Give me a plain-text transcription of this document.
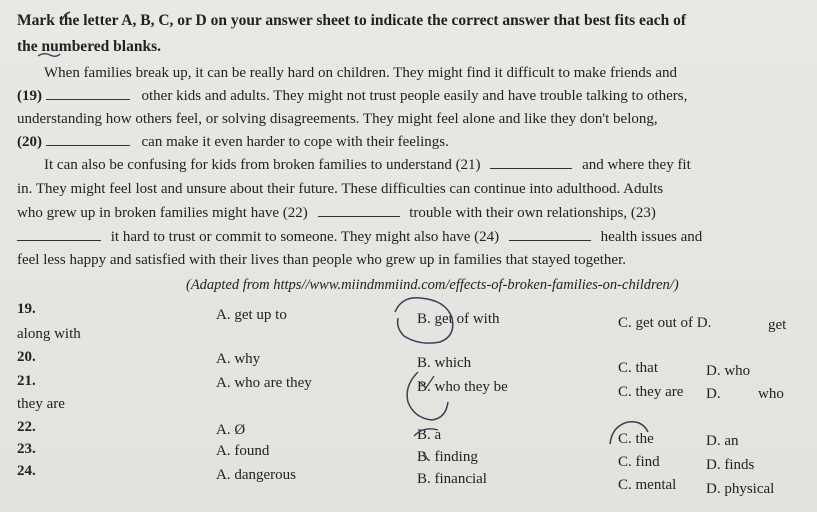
Mark the letter A, B, C, or D on your answer sheet to indicate the correct answer that best fits each of
the numbered blanks.
When families break up, it can be really hard on children. They might find it difficult to make friends and
(19)	other kids and adults. They might not trust people easily and have trouble talking to others,
understanding how others feel, or solving disagreements. They might feel alone and like they don't belong,
(20)	can make it even harder to cope with their feelings.
It can also be confusing for kids from broken families to understand (21)	and where they fit
in. They might feel lost and unsure about their future. These difficulties can continue into adulthood. Adults
who grew up in broken families might have (22)	trouble with their own relationships, (23)
it hard to trust or commit to someone. They might also have (24)	health issues and
feel less happy and satisfied with their lives than people who grew up in families that stayed together.
(Adapted from https//www.miindmmiind.com/effects-of-broken-families-on-children/)
19.	A. get up to	B. get of with	C. get out of D.	get
along with
20.	A. why	B. which	C. that	D. who
21.	A. who are they	B. who they be	C. they are D. who
they are
22.	A. Ø	B. a	C. the	D. an
23.	A. found	B. finding	C. find	D. finds
24.	A. dangerous	B. financial	C. mental D. physical
